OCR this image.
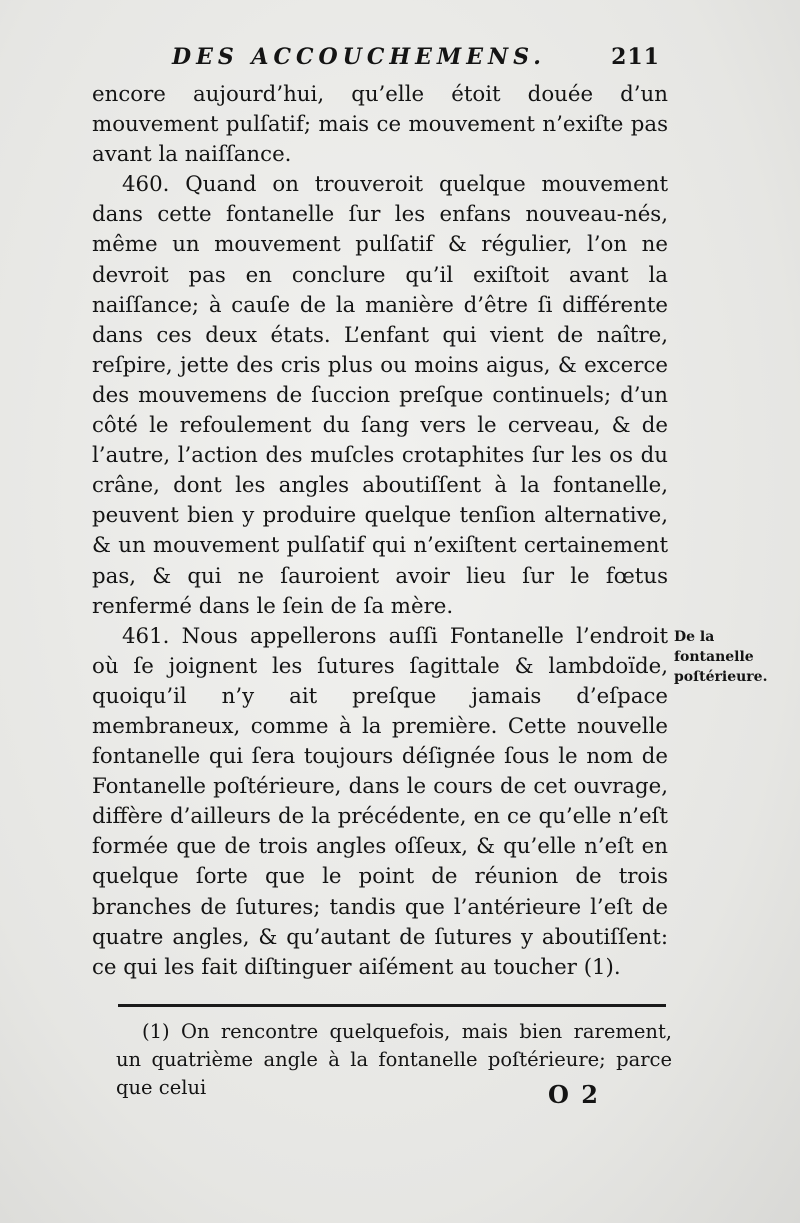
DES ACCOUCHEMENS.	211

encore aujourd’hui, qu’elle étoit douée d’un mouvement pulſatif; mais ce mouvement n’exiſte pas avant la naiſſance.

460. Quand on trouveroit quelque mouvement dans cette fontanelle ſur les enfans nouveau-nés, même un mouvement pulſatif & régulier, l’on ne devroit pas en conclure qu’il exiſtoit avant la naiſſance; à cauſe de la manière d’être ſi différente dans ces deux états. L’enfant qui vient de naître, reſpire, jette des cris plus ou moins aigus, & excerce des mouvemens de ſuccion preſque continuels; d’un côté le refoulement du ſang vers le cerveau, & de l’autre, l’action des muſcles crotaphites ſur les os du crâne, dont les angles aboutiſſent à la fontanelle, peuvent bien y produire quelque tenſion alternative, & un mouvement pulſatif qui n’exiſtent certainement pas, & qui ne ſauroient avoir lieu ſur le fœtus renfermé dans le ſein de ſa mère.

461. Nous appellerons auſſi Fontanelle l’endroit où ſe joignent les ſutures ſagittale & lambdoïde, quoiqu’il n’y ait preſque jamais d’eſpace membraneux, comme à la première. Cette nouvelle fontanelle qui ſera toujours déſignée ſous le nom de Fontanelle poſtérieure, dans le cours de cet ouvrage, diffère d’ailleurs de la précédente, en ce qu’elle n’eſt formée que de trois angles oſſeux, & qu’elle n’eſt en quelque ſorte que le point de réunion de trois branches de ſutures; tandis que l’antérieure l’eſt de quatre angles, & qu’autant de ſutures y aboutiſſent: ce qui les fait diſtinguer aiſément au toucher (1).

De la fontanelle poſtérieure.

(1) On rencontre quelquefois, mais bien rarement, un quatrième angle à la fontanelle poſtérieure; parce que celui	O 2
